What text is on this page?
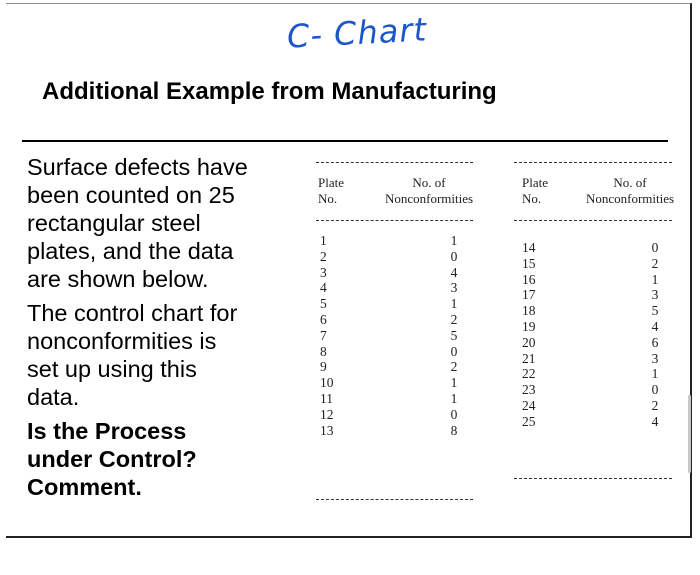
C- Chart
Additional Example from Manufacturing

Surface defects have

been counted on 25

rectangular steel

plates, and the data

are shown below.

The control chart for

nonconformities is

set up using this

data.

Is the Process

under Control?

Comment.

Plate
No.
No. of
Nonconformities
1
2
3
4
5
6
7
8
9
10
11
12
13
1
0
4
3
1
2
5
0
2
1
1
0
8
Plate
No.
No. of
Nonconformities
14
15
16
17
18
19
20
21
22
23
24
25
0
2
1
3
5
4
6
3
1
0
2
4
